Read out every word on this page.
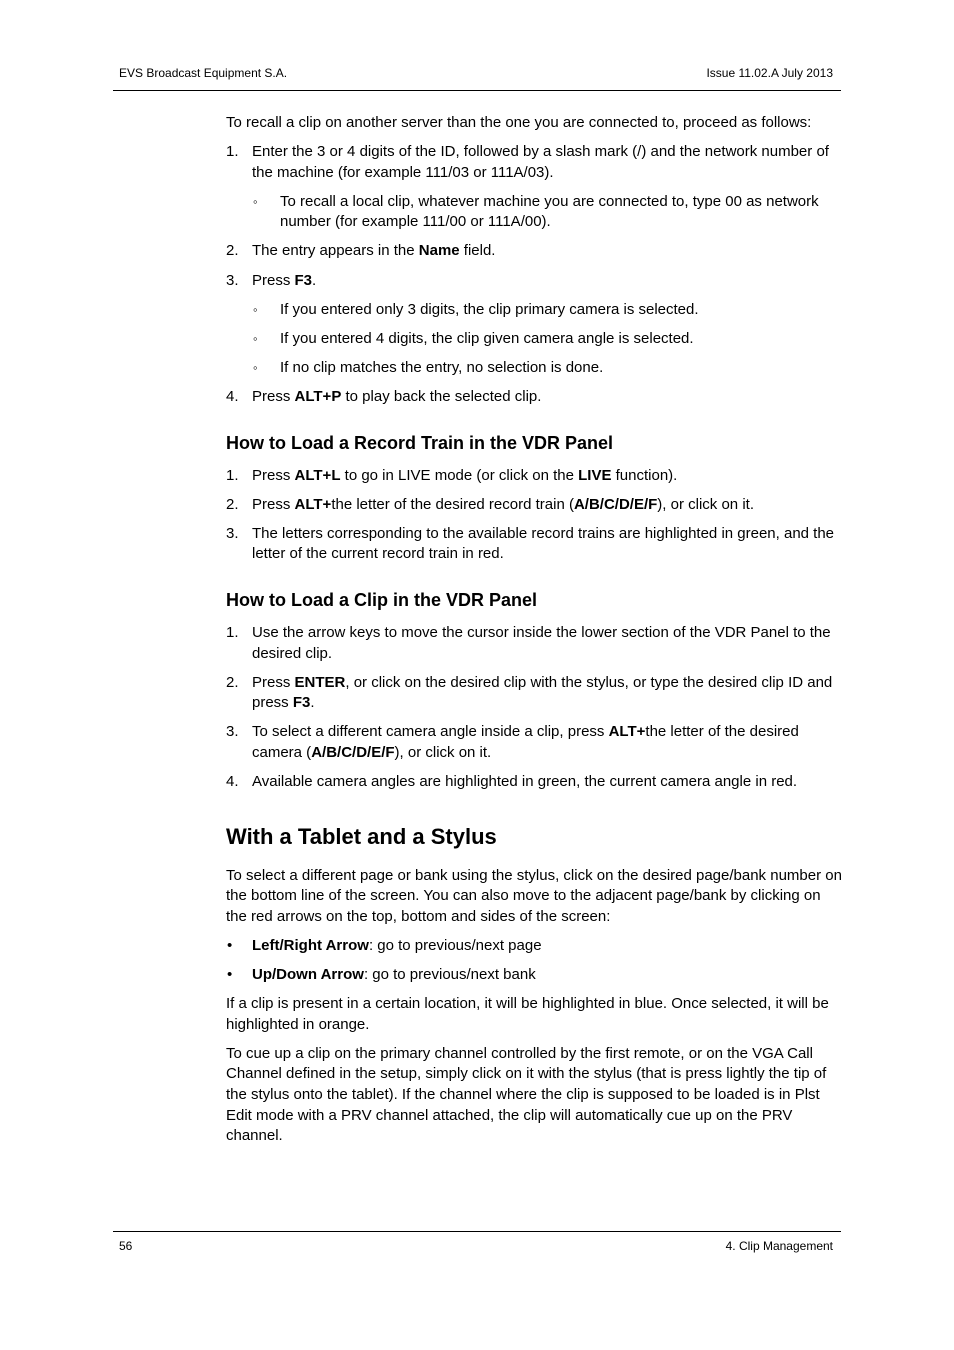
EVS Broadcast Equipment S.A.	Issue 11.02.A July 2013

To recall a clip on another server than the one you are connected to, proceed as follows:

1. Enter the 3 or 4 digits of the ID, followed by a slash mark (/) and the network number of the machine (for example 111/03 or 111A/03).
◦ To recall a local clip, whatever machine you are connected to, type 00 as network number (for example 111/00 or 111A/00).
2. The entry appears in the Name field.
3. Press F3.
◦ If you entered only 3 digits, the clip primary camera is selected.
◦ If you entered 4 digits, the clip given camera angle is selected.
◦ If no clip matches the entry, no selection is done.
4. Press ALT+P to play back the selected clip.
How to Load a Record Train in the VDR Panel
1. Press ALT+L to go in LIVE mode (or click on the LIVE function).
2. Press ALT+the letter of the desired record train (A/B/C/D/E/F), or click on it.
3. The letters corresponding to the available record trains are highlighted in green, and the letter of the current record train in red.
How to Load a Clip in the VDR Panel
1. Use the arrow keys to move the cursor inside the lower section of the VDR Panel to the desired clip.
2. Press ENTER, or click on the desired clip with the stylus, or type the desired clip ID and press F3.
3. To select a different camera angle inside a clip, press ALT+the letter of the desired camera (A/B/C/D/E/F), or click on it.
4. Available camera angles are highlighted in green, the current camera angle in red.
With a Tablet and a Stylus

To select a different page or bank using the stylus, click on the desired page/bank number on the bottom line of the screen. You can also move to the adjacent page/bank by clicking on the red arrows on the top, bottom and sides of the screen:

• Left/Right Arrow: go to previous/next page
• Up/Down Arrow: go to previous/next bank

If a clip is present in a certain location, it will be highlighted in blue. Once selected, it will be highlighted in orange.

To cue up a clip on the primary channel controlled by the first remote, or on the VGA Call Channel defined in the setup, simply click on it with the stylus (that is press lightly the tip of the stylus onto the tablet). If the channel where the clip is supposed to be loaded is in Plst Edit mode with a PRV channel attached, the clip will automatically cue up on the PRV channel.

56	4. Clip Management
